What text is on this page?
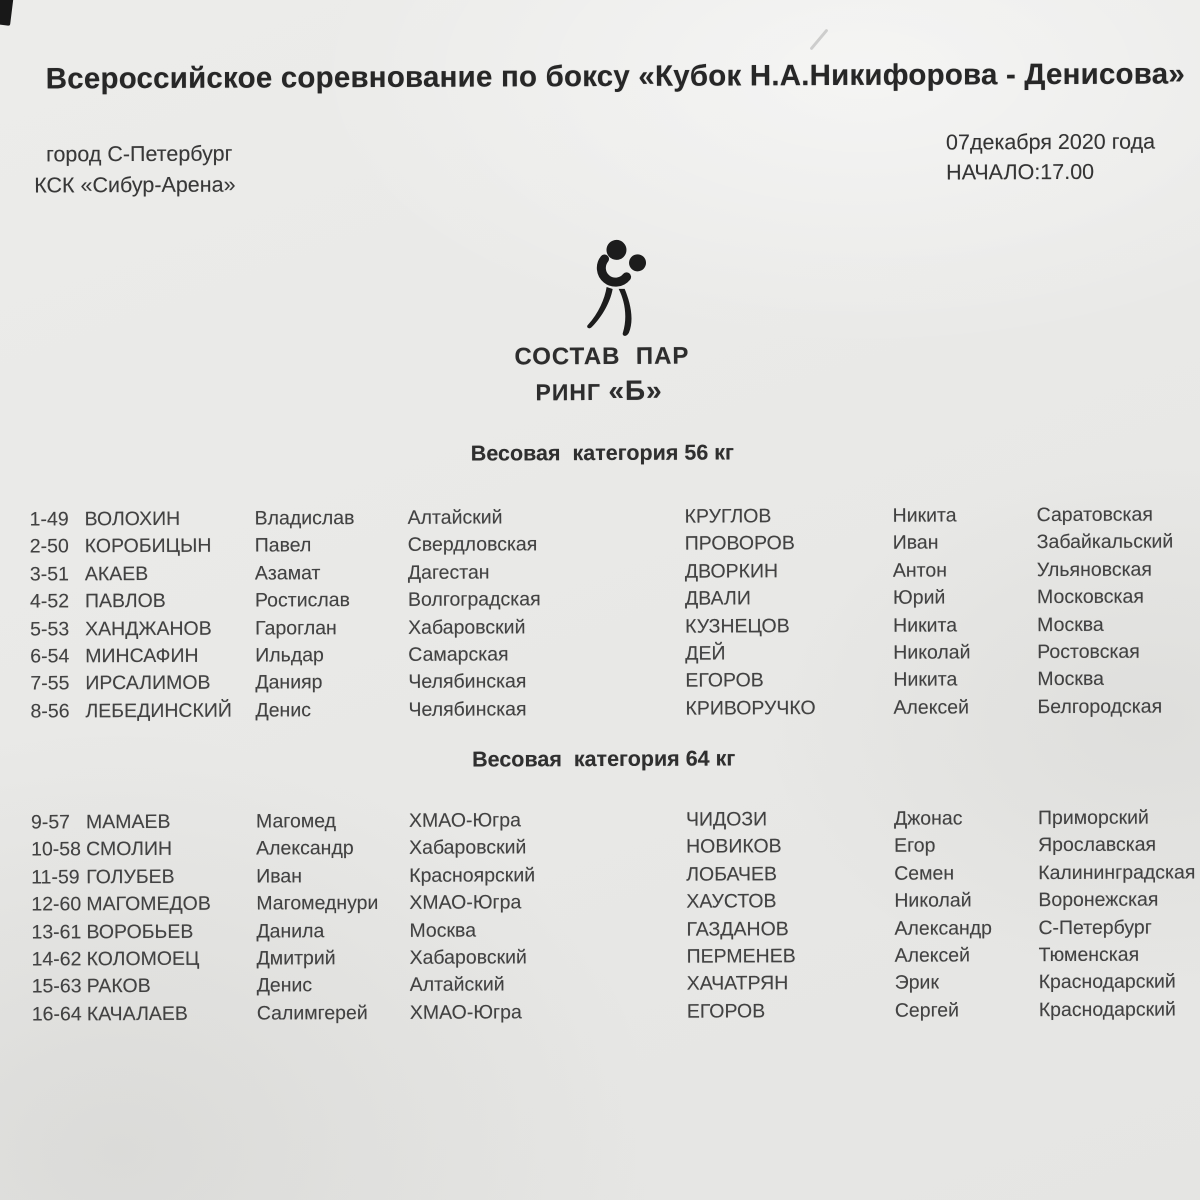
Всероссийское соревнование по боксу «Кубок Н.А.Никифорова - Денисова»
город С-Петербург
КСК «Сибур-Арена»
07декабря 2020 года
НАЧАЛО:17.00
СОСТАВ  ПАР
РИНГ «Б»
Весовая  категория 56 кг
1-49 ВОЛОХИН	Владислав	Алтайский	КРУГЛОВ	Никита	Саратовская
2-50 КОРОБИЦЫН	Павел	Свердловская	ПРОВОРОВ	Иван	Забайкальский
3-51 АКАЕВ	Азамат	Дагестан	ДВОРКИН	Антон	Ульяновская
4-52 ПАВЛОВ	Ростислав	Волгоградская	ДВАЛИ	Юрий	Московская
5-53 ХАНДЖАНОВ	Гароглан	Хабаровский	КУЗНЕЦОВ	Никита	Москва
6-54 МИНСАФИН	Ильдар	Самарская	ДЕЙ	Николай	Ростовская
7-55 ИРСАЛИМОВ	Данияр	Челябинская	ЕГОРОВ	Никита	Москва
8-56 ЛЕБЕДИНСКИЙ	Денис	Челябинская	КРИВОРУЧКО	Алексей	Белгородская
Весовая  категория 64 кг
9-57 МАМАЕВ	Магомед	ХМАО-Югра	ЧИДОЗИ	Джонас	Приморский
10-58 СМОЛИН	Александр	Хабаровский	НОВИКОВ	Егор	Ярославская
11-59 ГОЛУБЕВ	Иван	Красноярский	ЛОБАЧЕВ	Семен	Калининградская
12-60 МАГОМЕДОВ	Магомеднури	ХМАО-Югра	ХАУСТОВ	Николай	Воронежская
13-61 ВОРОБЬЕВ	Данила	Москва	ГАЗДАНОВ	Александр	С-Петербург
14-62 КОЛОМОЕЦ	Дмитрий	Хабаровский	ПЕРМЕНЕВ	Алексей	Тюменская
15-63 РАКОВ	Денис	Алтайский	ХАЧАТРЯН	Эрик	Краснодарский
16-64 КАЧАЛАЕВ	Салимгерей	ХМАО-Югра	ЕГОРОВ	Сергей	Краснодарский
